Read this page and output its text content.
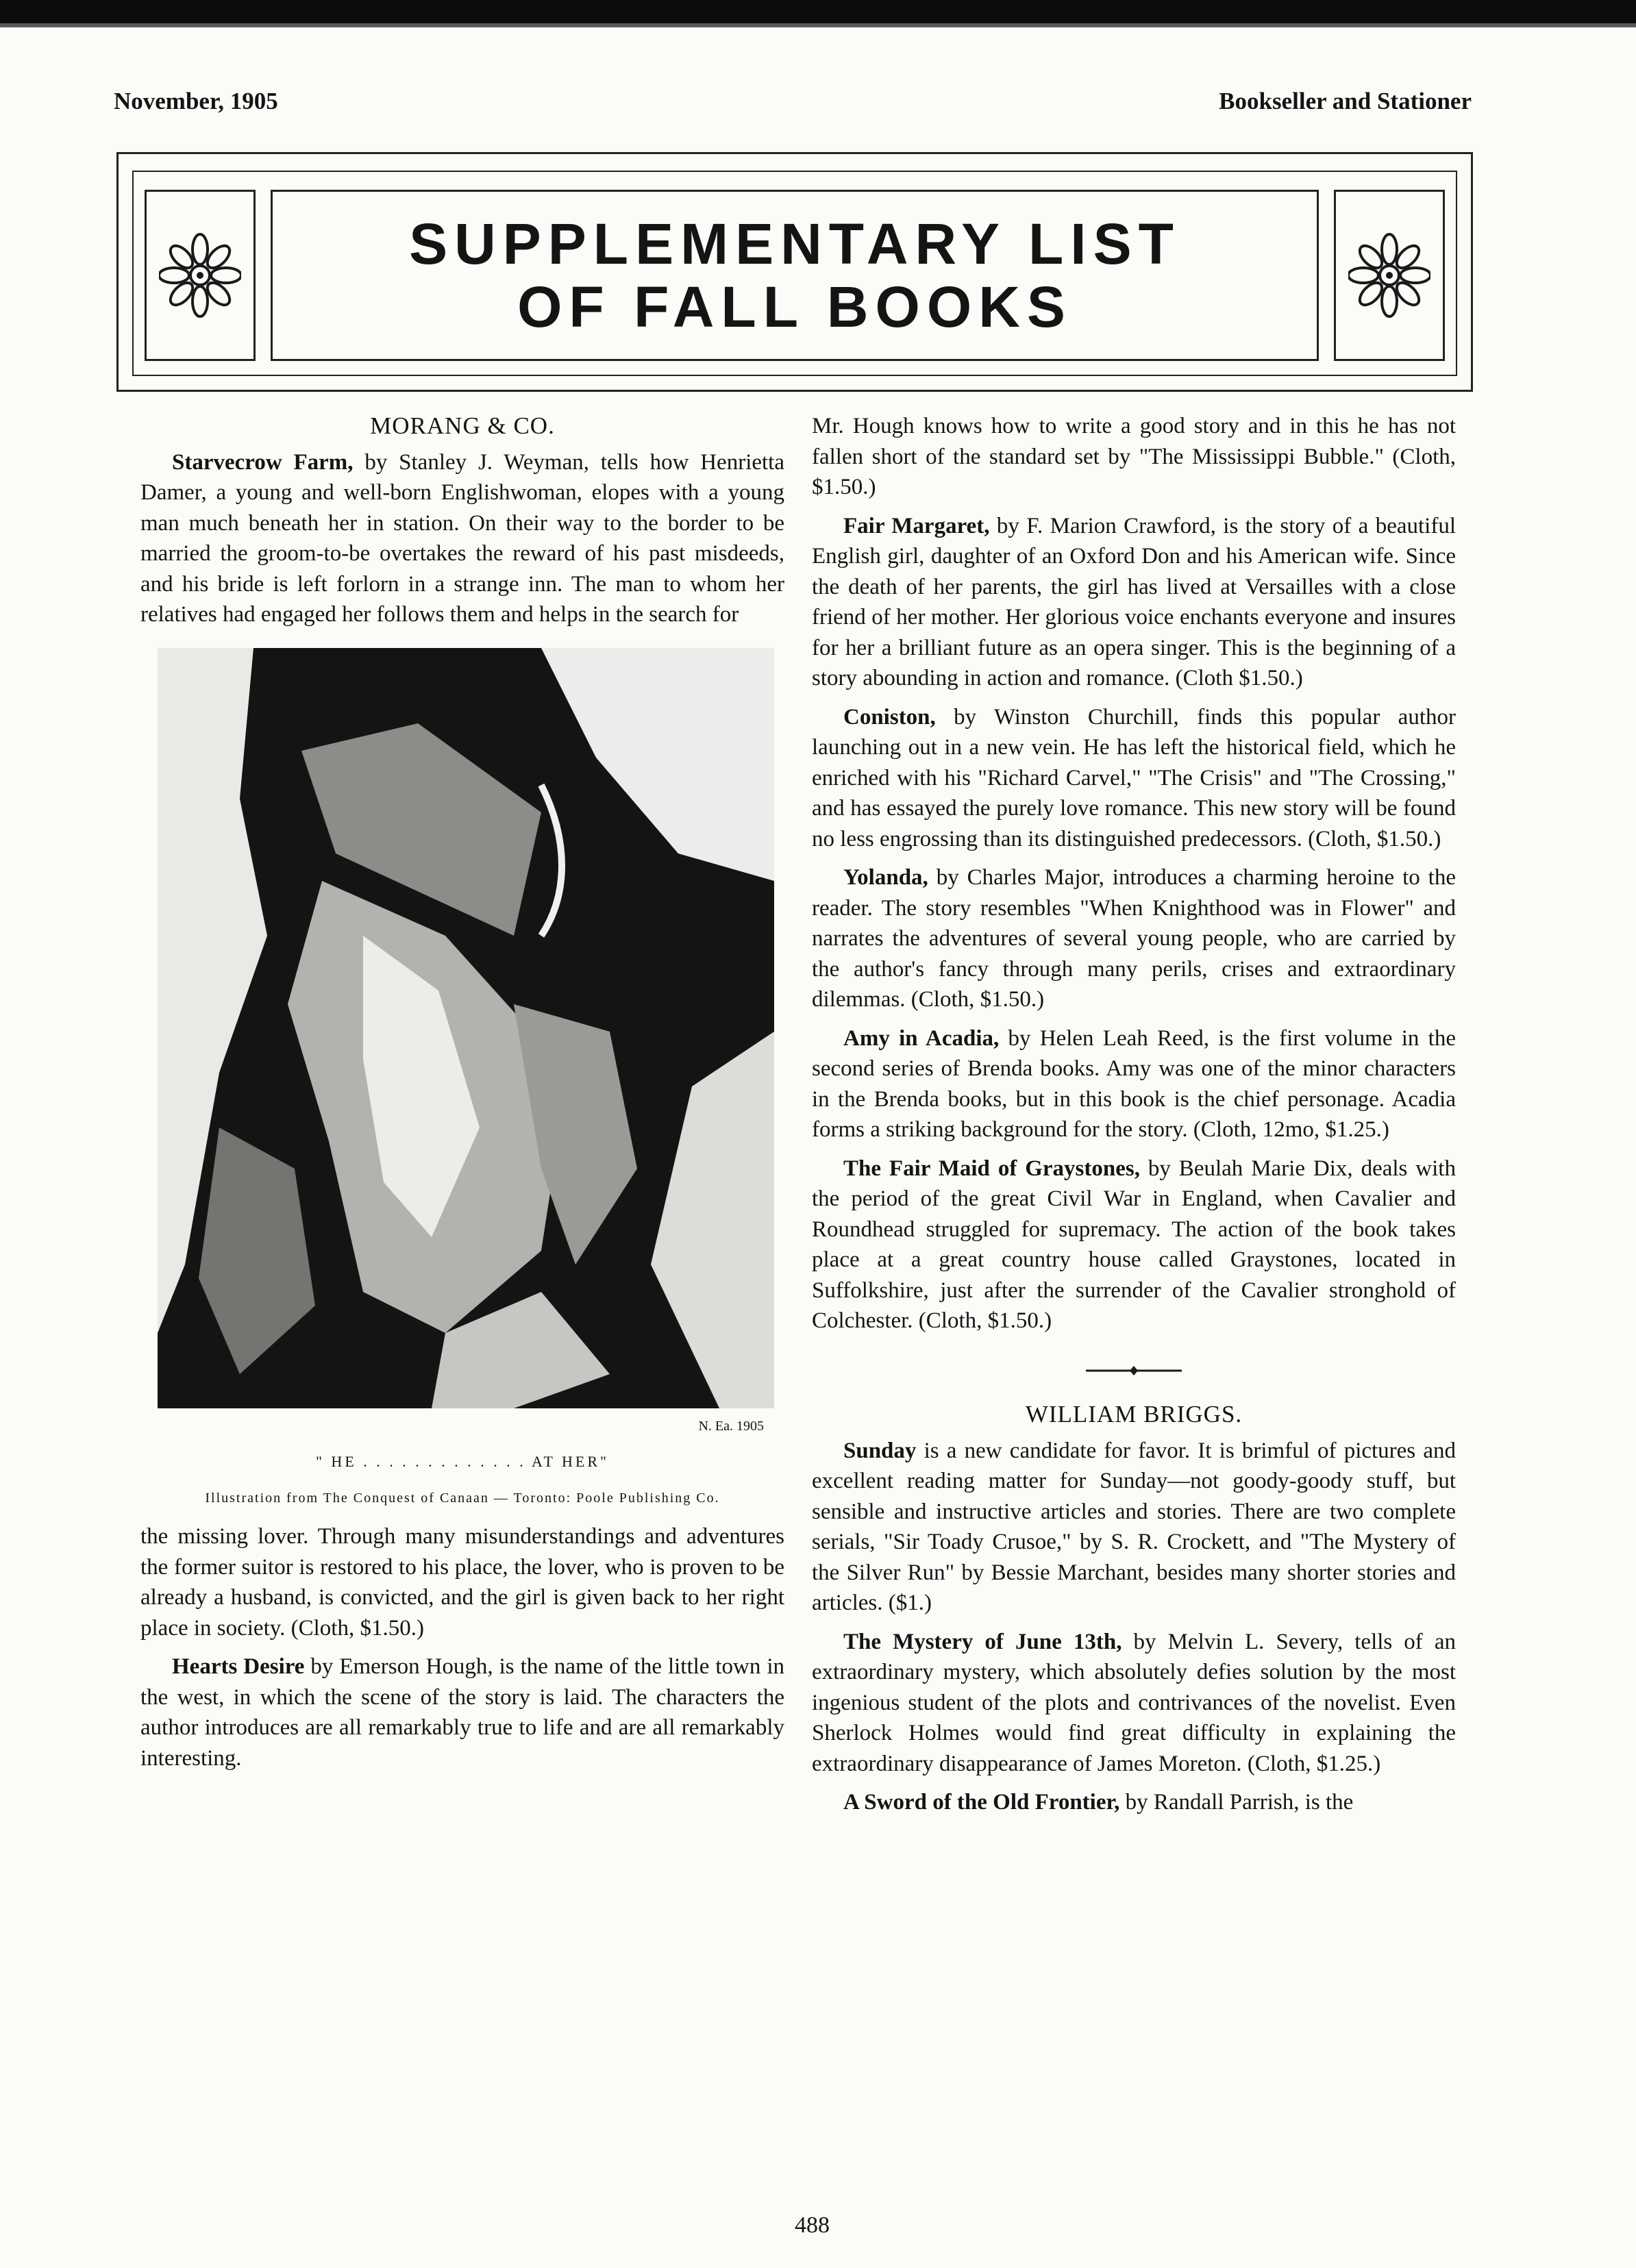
November, 1905	Bookseller and Stationer
SUPPLEMENTARY LIST
OF FALL BOOKS
MORANG & CO.

Starvecrow Farm, by Stanley J. Weyman, tells how Henrietta Damer, a young and well-born Englishwoman, elopes with a young man much beneath her in station. On their way to the border to be married the groom-to-be overtakes the reward of his past misdeeds, and his bride is left forlorn in a strange inn. The man to whom her relatives had engaged her follows them and helps in the search for

N. Ea. 1905
" HE . . . . . . . . . . . . . AT HER"
Illustration from The Conquest of Canaan — Toronto: Poole Publishing Co.

the missing lover. Through many misunderstandings and adventures the former suitor is restored to his place, the lover, who is proven to be already a husband, is convicted, and the girl is given back to her right place in society. (Cloth, $1.50.)

Hearts Desire by Emerson Hough, is the name of the little town in the west, in which the scene of the story is laid. The characters the author introduces are all remarkably true to life and are all remarkably interesting.

Mr. Hough knows how to write a good story and in this he has not fallen short of the standard set by "The Mississippi Bubble." (Cloth, $1.50.)

Fair Margaret, by F. Marion Crawford, is the story of a beautiful English girl, daughter of an Oxford Don and his American wife. Since the death of her parents, the girl has lived at Versailles with a close friend of her mother. Her glorious voice enchants everyone and insures for her a brilliant future as an opera singer. This is the beginning of a story abounding in action and romance. (Cloth $1.50.)

Coniston, by Winston Churchill, finds this popular author launching out in a new vein. He has left the historical field, which he enriched with his "Richard Carvel," "The Crisis" and "The Crossing," and has essayed the purely love romance. This new story will be found no less engrossing than its distinguished predecessors. (Cloth, $1.50.)

Yolanda, by Charles Major, introduces a charming heroine to the reader. The story resembles "When Knighthood was in Flower" and narrates the adventures of several young people, who are carried by the author's fancy through many perils, crises and extraordinary dilemmas. (Cloth, $1.50.)

Amy in Acadia, by Helen Leah Reed, is the first volume in the second series of Brenda books. Amy was one of the minor characters in the Brenda books, but in this book is the chief personage. Acadia forms a striking background for the story. (Cloth, 12mo, $1.25.)

The Fair Maid of Graystones, by Beulah Marie Dix, deals with the period of the great Civil War in England, when Cavalier and Roundhead struggled for supremacy. The action of the book takes place at a great country house called Graystones, located in Suffolkshire, just after the surrender of the Cavalier stronghold of Colchester. (Cloth, $1.50.)

WILLIAM BRIGGS.

Sunday is a new candidate for favor. It is brimful of pictures and excellent reading matter for Sunday—not goody-goody stuff, but sensible and instructive articles and stories. There are two complete serials, "Sir Toady Crusoe," by S. R. Crockett, and "The Mystery of the Silver Run" by Bessie Marchant, besides many shorter stories and articles. ($1.)

The Mystery of June 13th, by Melvin L. Severy, tells of an extraordinary mystery, which absolutely defies solution by the most ingenious student of the plots and contrivances of the novelist. Even Sherlock Holmes would find great difficulty in explaining the extraordinary disappearance of James Moreton. (Cloth, $1.25.)

A Sword of the Old Frontier, by Randall Parrish, is the

488
